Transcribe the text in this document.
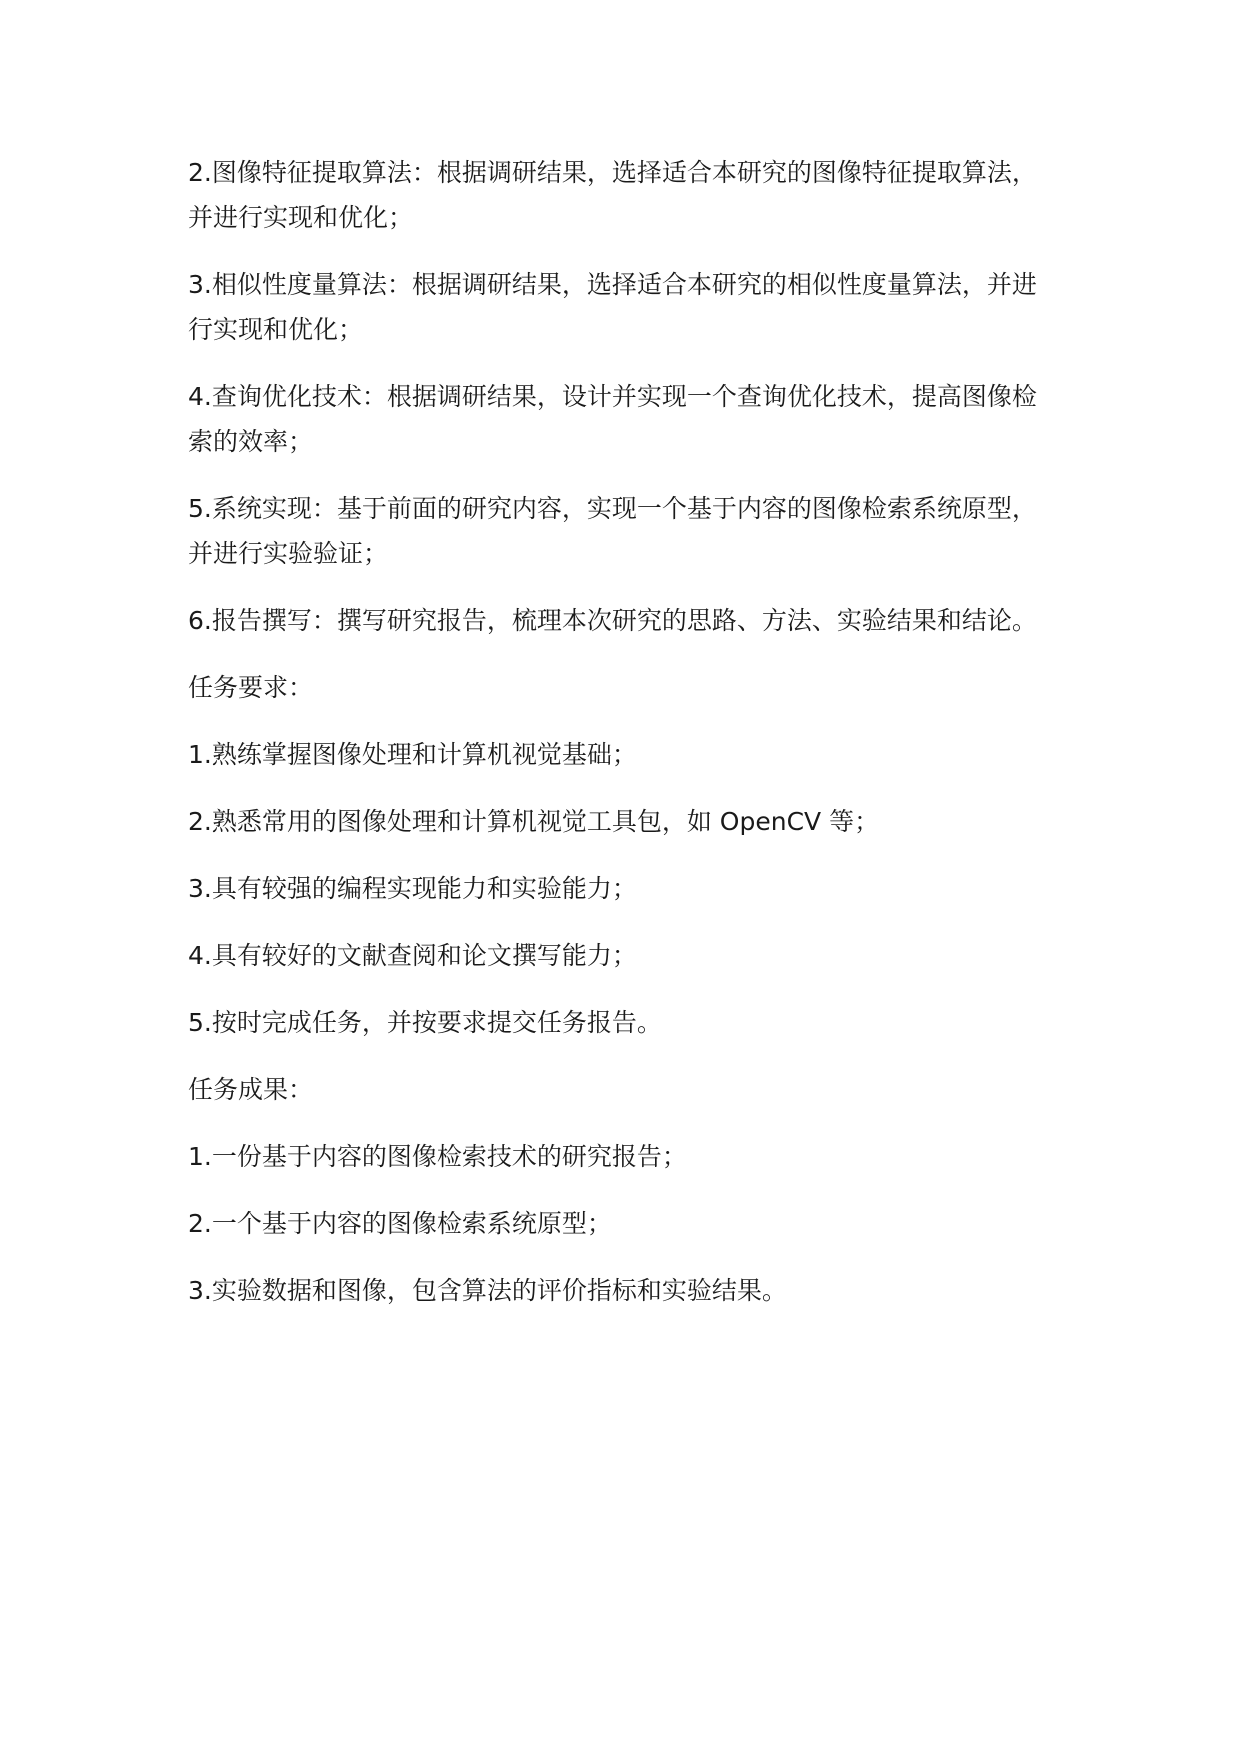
2.图像特征提取算法：根据调研结果，选择适合本研究的图像特征提取算法，并进行实现和优化；

3.相似性度量算法：根据调研结果，选择适合本研究的相似性度量算法，并进行实现和优化；

4.查询优化技术：根据调研结果，设计并实现一个查询优化技术，提高图像检索的效率；

5.系统实现：基于前面的研究内容，实现一个基于内容的图像检索系统原型，并进行实验验证；

6.报告撰写：撰写研究报告，梳理本次研究的思路、方法、实验结果和结论。

任务要求：

1.熟练掌握图像处理和计算机视觉基础；

2.熟悉常用的图像处理和计算机视觉工具包，如 OpenCV 等；

3.具有较强的编程实现能力和实验能力；

4.具有较好的文献查阅和论文撰写能力；

5.按时完成任务，并按要求提交任务报告。

任务成果：

1.一份基于内容的图像检索技术的研究报告；

2.一个基于内容的图像检索系统原型；

3.实验数据和图像，包含算法的评价指标和实验结果。
